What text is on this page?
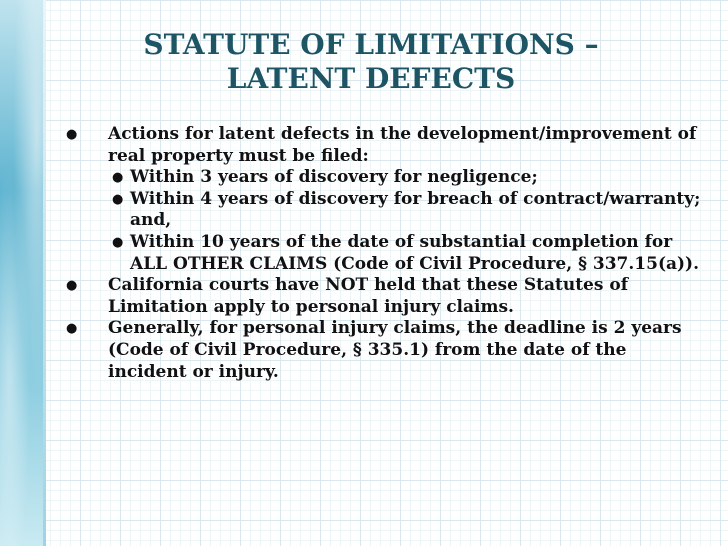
STATUTE OF LIMITATIONS –
LATENT DEFECTS
● Actions for latent defects in the development/improvement of real property must be filed:
● Within 3 years of discovery for negligence;
● Within 4 years of discovery for breach of contract/warranty; and,
● Within 10 years of the date of substantial completion for ALL OTHER CLAIMS (Code of Civil Procedure, § 337.15(a)).
● California courts have NOT held that these Statutes of Limitation apply to personal injury claims.
● Generally, for personal injury claims, the deadline is 2 years (Code of Civil Procedure, § 335.1) from the date of the incident or injury.
